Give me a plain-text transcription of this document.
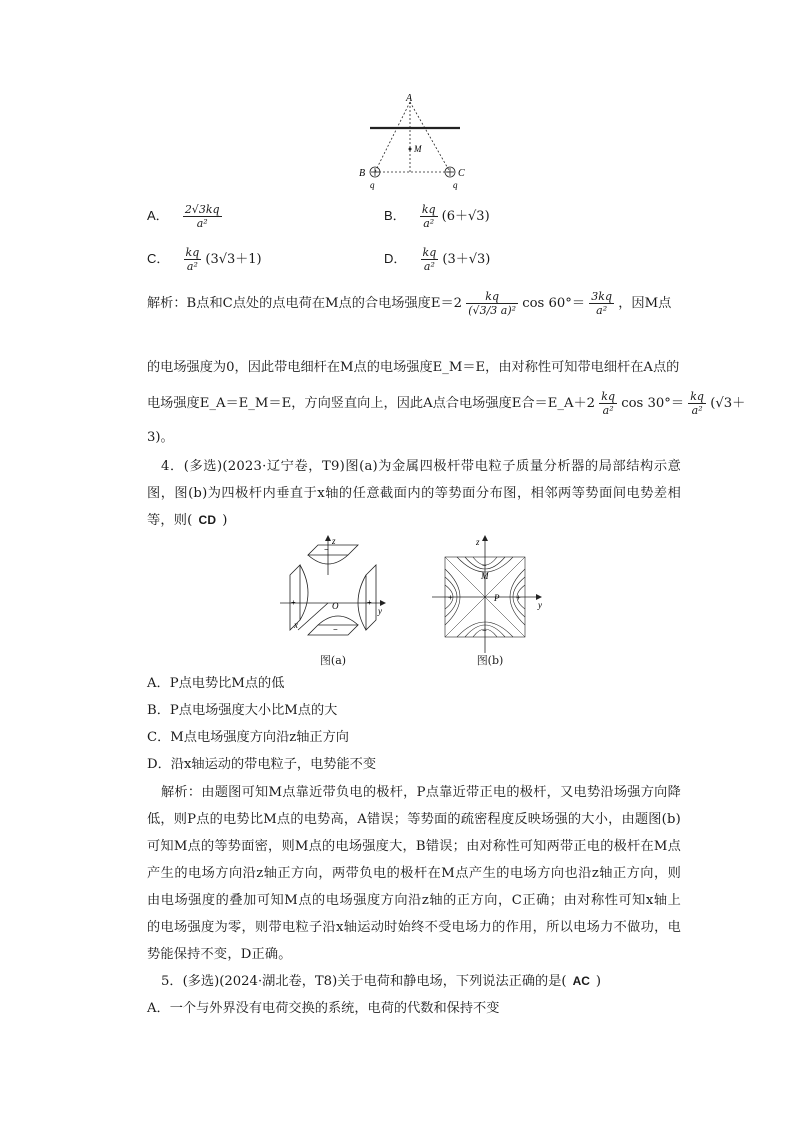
A
M
B	C
q	q
A． $\frac{2√3kq}{\text{a²}}$	B． $\frac{kq}{\text{a²}} (6+√3)$
C． $\frac{kq}{\text{a²}} (3√3+1)$	D． $\frac{kq}{\text{a²}} (3+√3)$
解析：B点和C点处的点电荷在M点的合电场强度$E=2 \frac{kq}{\text{(√3/3 a)²}}$ $\cos 60^\circ= \frac{3kq}{\text{a²}}$ ，因M点
的电场强度为0，因此带电细杆在M点的电场强度E_M＝E，由对称性可知带电细杆在A点的
电场强度E_A＝E_M＝E，方向竖直向上，因此A点合电场强度E合＝E_A＋2 $\frac{kq}{\text{a²}}$ $\cos 30^\circ= \frac{kq}{\text{a²}} (√3+$
3)。
4．(多选)(2023·辽宁卷，T9)图(a)为金属四极杆带电粒子质量分析器的局部结构示意图，图(b)为四极杆内垂直于x轴的任意截面内的等势面分布图，相邻两等势面间电势差相等，则( CD )
−
−
+	+
z
y
x
O
图(a)
−
−
+	+
z
y
M
P
图(b)
A．P点电势比M点的低
B．P点电场强度大小比M点的大
C．M点电场强度方向沿z轴正方向
D．沿x轴运动的带电粒子，电势能不变
解析：由题图可知M点靠近带负电的极杆，P点靠近带正电的极杆，又电势沿场强方向降低，则P点的电势比M点的电势高，A错误；等势面的疏密程度反映场强的大小，由题图(b)可知M点的等势面密，则M点的电场强度大，B错误；由对称性可知两带正电的极杆在M点产生的电场方向沿z轴正方向，两带负电的极杆在M点产生的电场方向也沿z轴正方向，则由电场强度的叠加可知M点的电场强度方向沿z轴的正方向，C正确；由对称性可知x轴上的电场强度为零，则带电粒子沿x轴运动时始终不受电场力的作用，所以电场力不做功，电势能保持不变，D正确。
5．(多选)(2024·湖北卷，T8)关于电荷和静电场，下列说法正确的是( AC )
A．一个与外界没有电荷交换的系统，电荷的代数和保持不变
